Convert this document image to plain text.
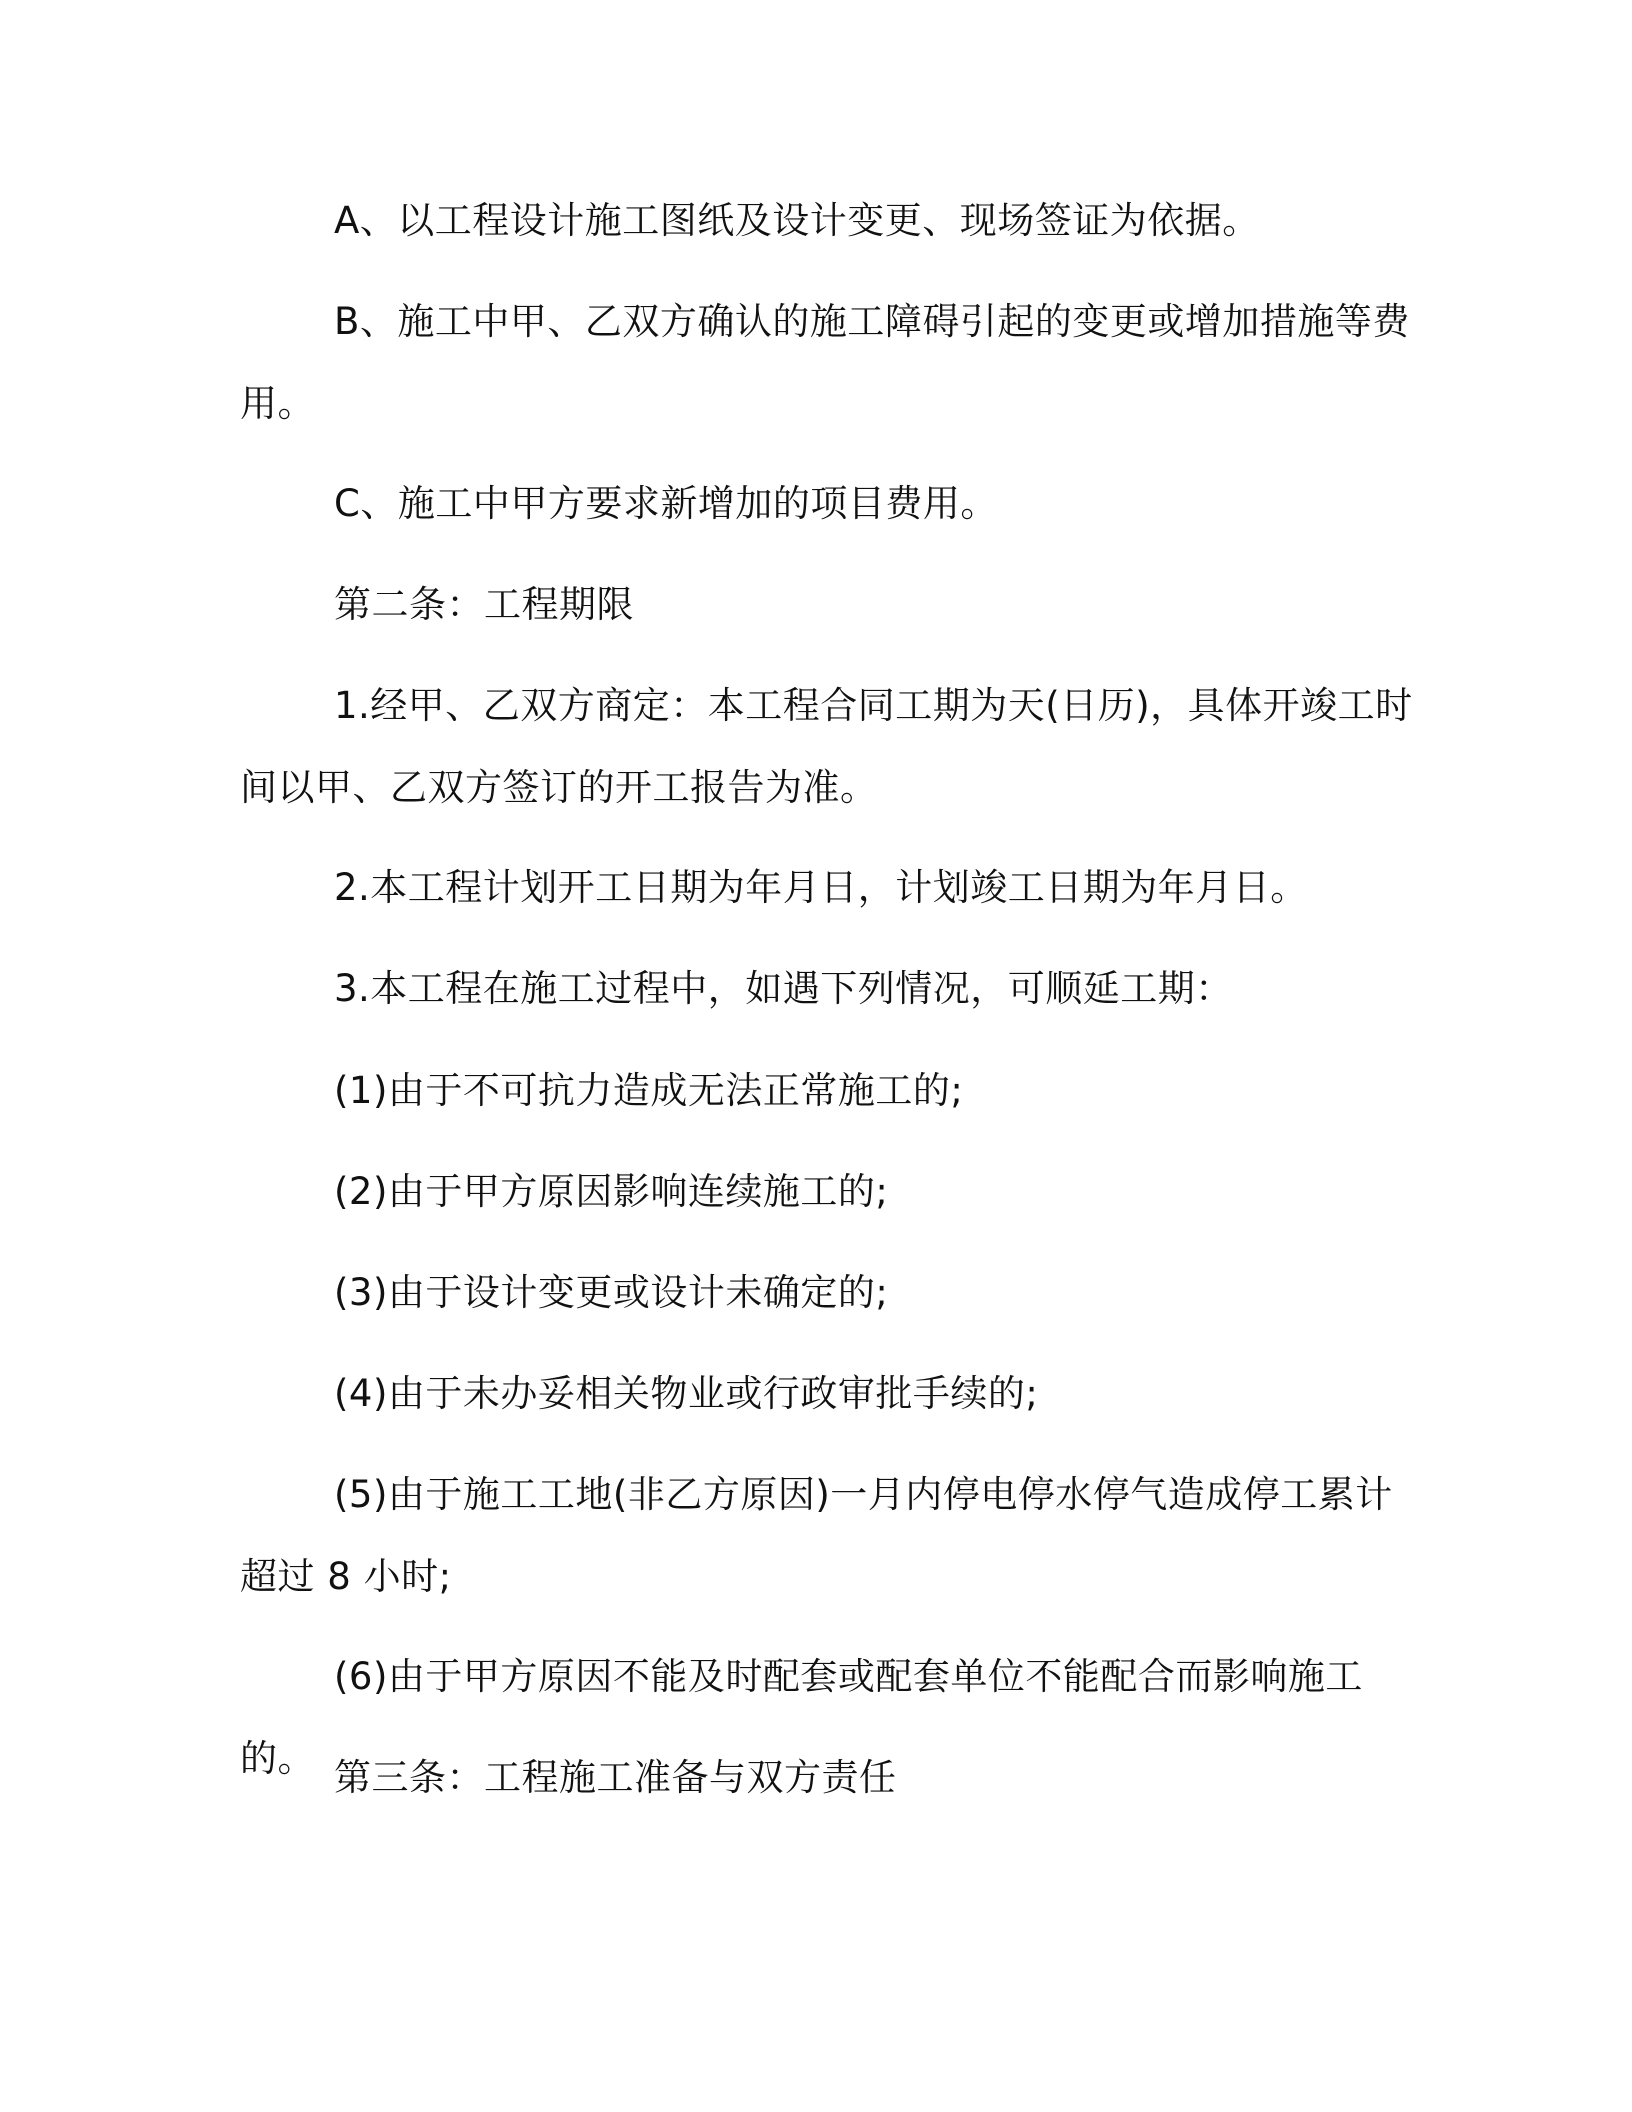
A、以工程设计施工图纸及设计变更、现场签证为依据。

B、施工中甲、乙双方确认的施工障碍引起的变更或增加措施等费用。

C、施工中甲方要求新增加的项目费用。

第二条：工程期限

1.经甲、乙双方商定：本工程合同工期为天(日历)，具体开竣工时间以甲、乙双方签订的开工报告为准。

2.本工程计划开工日期为年月日，计划竣工日期为年月日。

3.本工程在施工过程中，如遇下列情况，可顺延工期：

(1)由于不可抗力造成无法正常施工的;

(2)由于甲方原因影响连续施工的;

(3)由于设计变更或设计未确定的;

(4)由于未办妥相关物业或行政审批手续的;

(5)由于施工工地(非乙方原因)一月内停电停水停气造成停工累计超过 8 小时;

(6)由于甲方原因不能及时配套或配套单位不能配合而影响施工的。 第三条：工程施工准备与双方责任
